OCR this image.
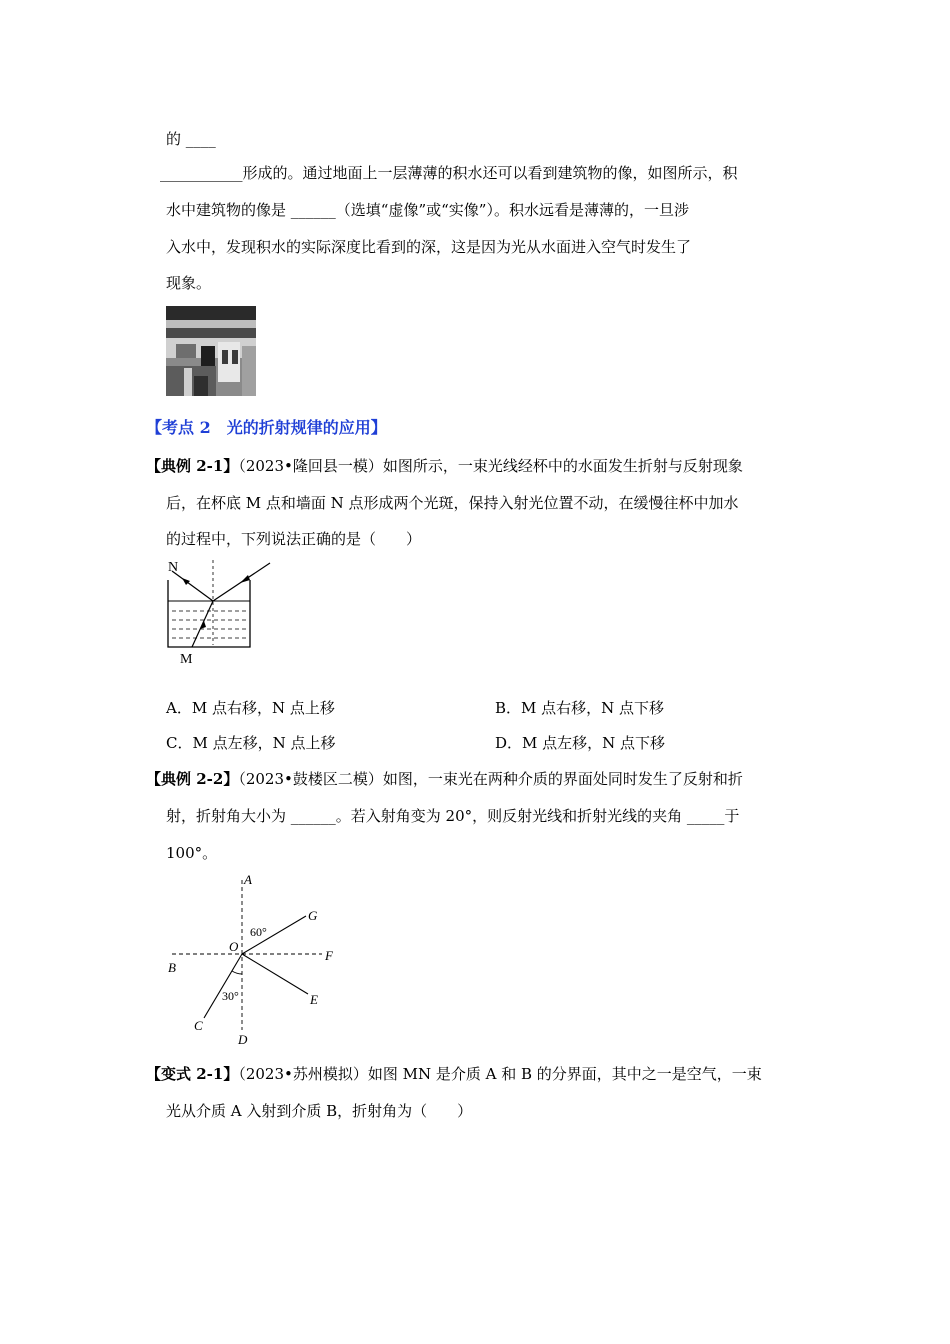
的 ____
___________形成的。通过地面上一层薄薄的积水还可以看到建筑物的像，如图所示，积
水中建筑物的像是 ______（选填“虚像”或“实像”）。积水远看是薄薄的，一旦涉
入水中，发现积水的实际深度比看到的深，这是因为光从水面进入空气时发生了
现象。
【考点 2　光的折射规律的应用】
【典例 2-1】（2023•隆回县一模）如图所示，一束光线经杯中的水面发生折射与反射现象
后，在杯底 M 点和墙面 N 点形成两个光斑，保持入射光位置不动，在缓慢往杯中加水
的过程中，下列说法正确的是（　　）
N
M
A．M 点右移，N 点上移	B．M 点右移，N 点下移
C．M 点左移，N 点上移	D．M 点左移，N 点下移
【典例 2-2】（2023•鼓楼区二模）如图，一束光在两种介质的界面处同时发生了反射和折
射，折射角大小为 ______。若入射角变为 20°，则反射光线和折射光线的夹角 _____于
100°。
A
B
C
D
E
F
G
O
60°
30°
【变式 2-1】（2023•苏州模拟）如图 MN 是介质 A 和 B 的分界面，其中之一是空气，一束
光从介质 A 入射到介质 B，折射角为（　　）
